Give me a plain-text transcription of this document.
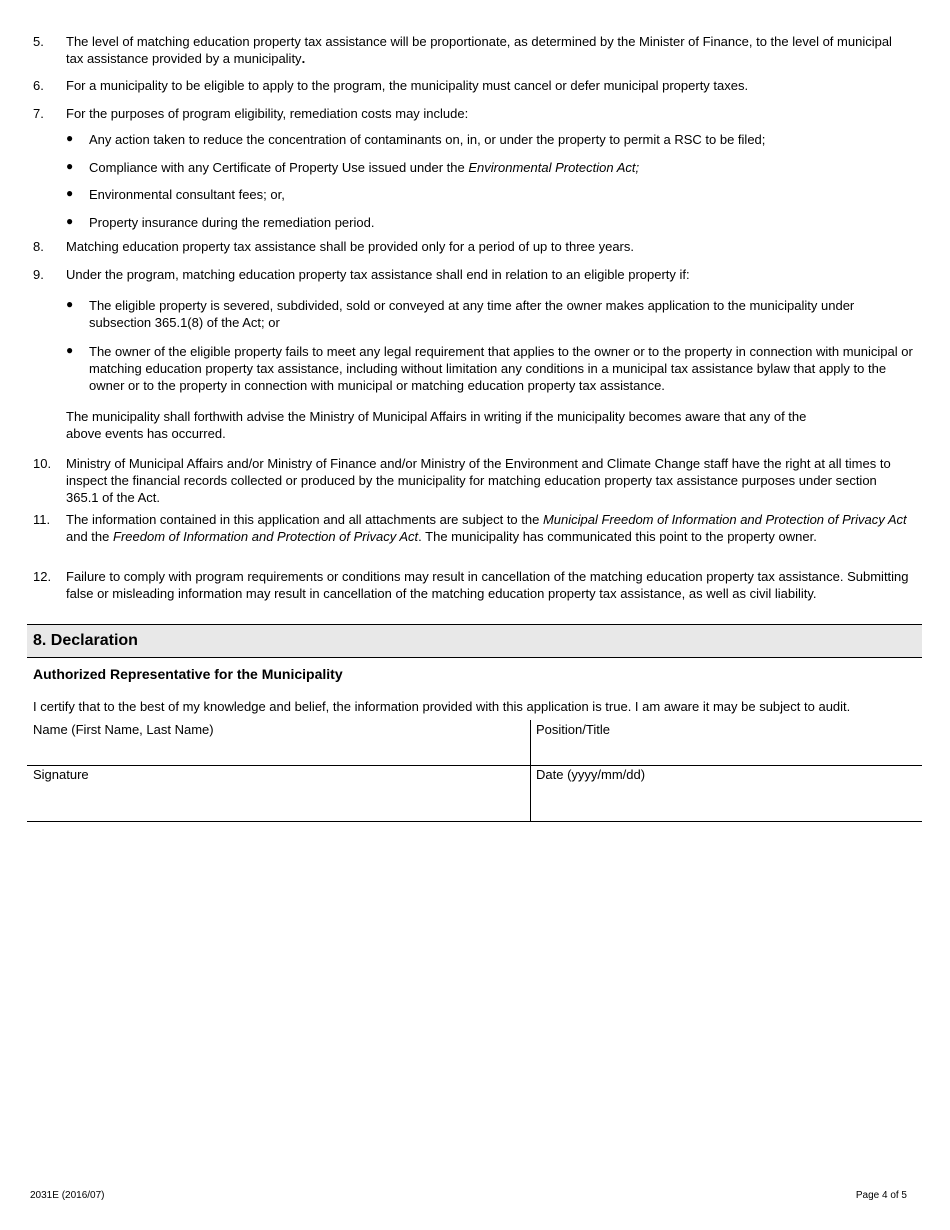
5. The level of matching education property tax assistance will be proportionate, as determined by the Minister of Finance, to the level of municipal tax assistance provided by a municipality.
6. For a municipality to be eligible to apply to the program, the municipality must cancel or defer municipal property taxes.
7. For the purposes of program eligibility, remediation costs may include:
● Any action taken to reduce the concentration of contaminants on, in, or under the property to permit a RSC to be filed;
● Compliance with any Certificate of Property Use issued under the Environmental Protection Act;
● Environmental consultant fees; or,
● Property insurance during the remediation period.
8. Matching education property tax assistance shall be provided only for a period of up to three years.
9. Under the program, matching education property tax assistance shall end in relation to an eligible property if:
● The eligible property is severed, subdivided, sold or conveyed at any time after the owner makes application to the municipality under subsection 365.1(8) of the Act; or
● The owner of the eligible property fails to meet any legal requirement that applies to the owner or to the property in connection with municipal or matching education property tax assistance, including without limitation any conditions in a municipal tax assistance bylaw that apply to the owner or to the property in connection with municipal or matching education property tax assistance.
The municipality shall forthwith advise the Ministry of Municipal Affairs in writing if the municipality becomes aware that any of the above events has occurred.
10. Ministry of Municipal Affairs and/or Ministry of Finance and/or Ministry of the Environment and Climate Change staff have the right at all times to inspect the financial records collected or produced by the municipality for matching education property tax assistance purposes under section 365.1 of the Act.
11. The information contained in this application and all attachments are subject to the Municipal Freedom of Information and Protection of Privacy Act and the Freedom of Information and Protection of Privacy Act. The municipality has communicated this point to the property owner.
12. Failure to comply with program requirements or conditions may result in cancellation of the matching education property tax assistance. Submitting false or misleading information may result in cancellation of the matching education property tax assistance, as well as civil liability.
8. Declaration
Authorized Representative for the Municipality
I certify that to the best of my knowledge and belief, the information provided with this application is true. I am aware it may be subject to audit.
Name (First Name, Last Name)	Position/Title
Signature	Date (yyyy/mm/dd)
2031E (2016/07)	Page 4 of 5
